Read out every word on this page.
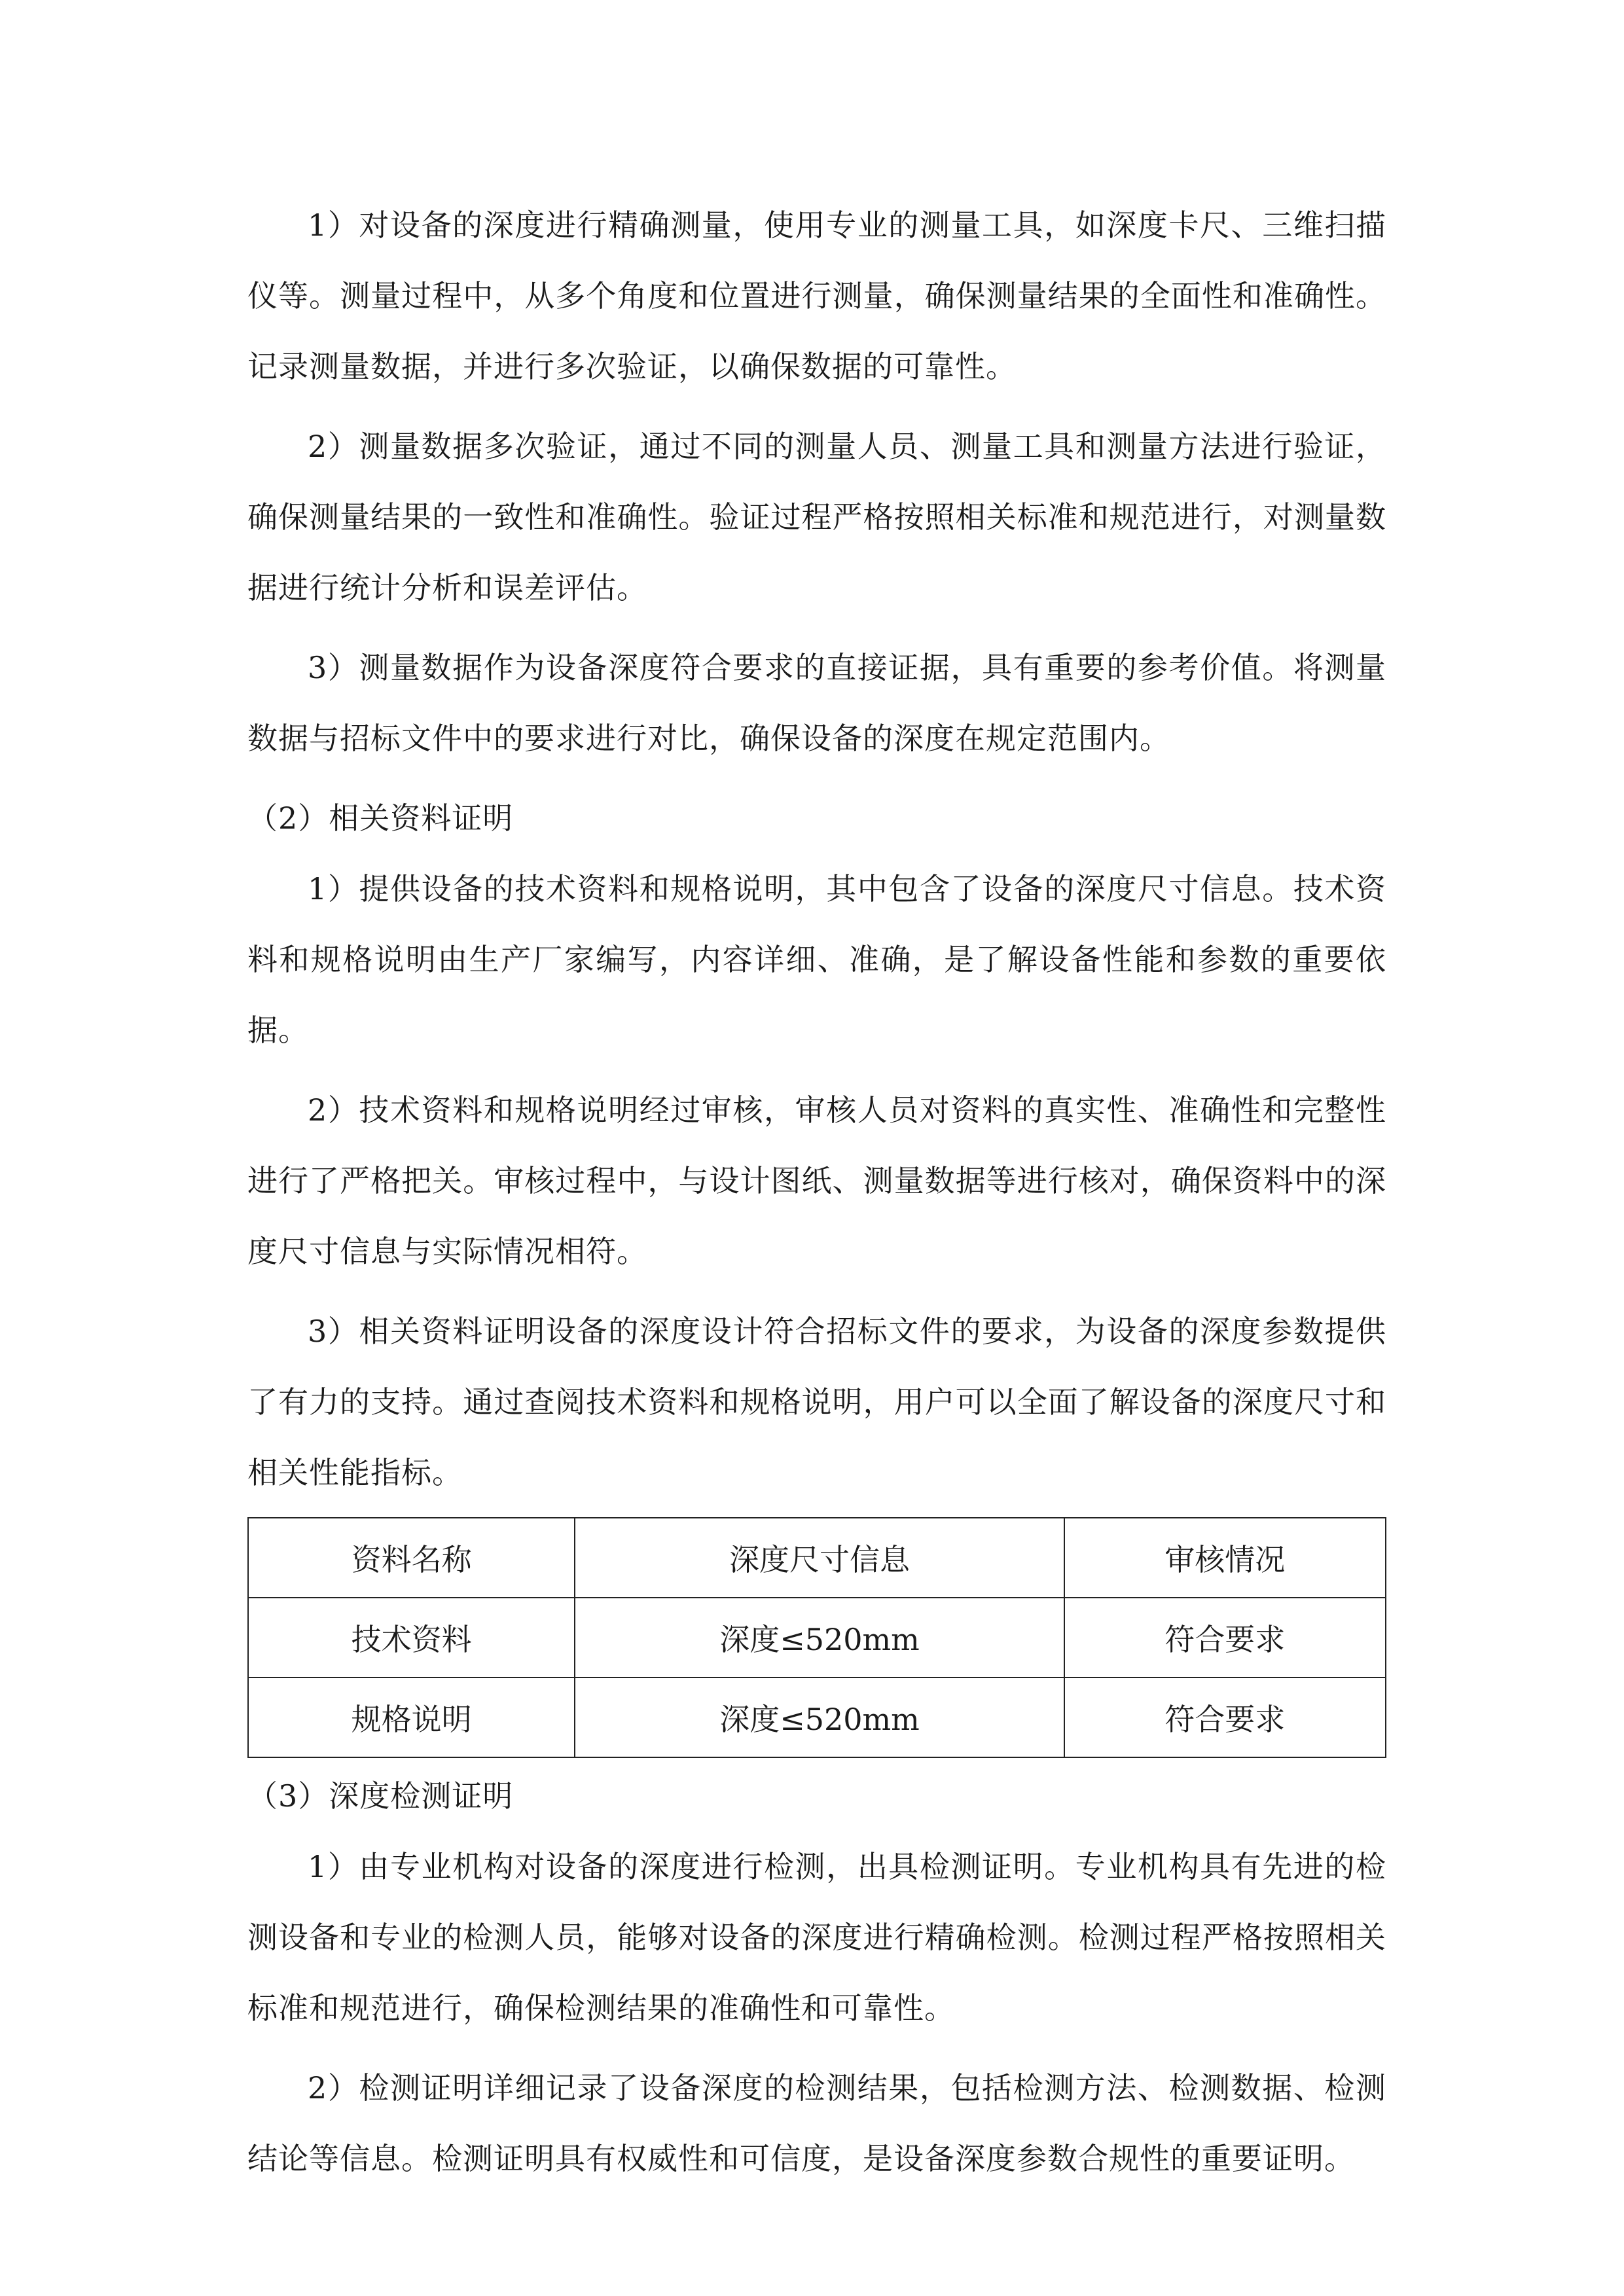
1）对设备的深度进行精确测量，使用专业的测量工具，如深度卡尺、三维扫描仪等。测量过程中，从多个角度和位置进行测量，确保测量结果的全面性和准确性。记录测量数据，并进行多次验证，以确保数据的可靠性。

2）测量数据多次验证，通过不同的测量人员、测量工具和测量方法进行验证，确保测量结果的一致性和准确性。验证过程严格按照相关标准和规范进行，对测量数据进行统计分析和误差评估。

3）测量数据作为设备深度符合要求的直接证据，具有重要的参考价值。将测量数据与招标文件中的要求进行对比，确保设备的深度在规定范围内。

（2）相关资料证明

1）提供设备的技术资料和规格说明，其中包含了设备的深度尺寸信息。技术资料和规格说明由生产厂家编写，内容详细、准确，是了解设备性能和参数的重要依据。

2）技术资料和规格说明经过审核，审核人员对资料的真实性、准确性和完整性进行了严格把关。审核过程中，与设计图纸、测量数据等进行核对，确保资料中的深度尺寸信息与实际情况相符。

3）相关资料证明设备的深度设计符合招标文件的要求，为设备的深度参数提供了有力的支持。通过查阅技术资料和规格说明，用户可以全面了解设备的深度尺寸和相关性能指标。

资料名称	深度尺寸信息	审核情况
技术资料	深度≤520mm	符合要求
规格说明	深度≤520mm	符合要求

（3）深度检测证明

1）由专业机构对设备的深度进行检测，出具检测证明。专业机构具有先进的检测设备和专业的检测人员，能够对设备的深度进行精确检测。检测过程严格按照相关标准和规范进行，确保检测结果的准确性和可靠性。

2）检测证明详细记录了设备深度的检测结果，包括检测方法、检测数据、检测结论等信息。检测证明具有权威性和可信度，是设备深度参数合规性的重要证明。
